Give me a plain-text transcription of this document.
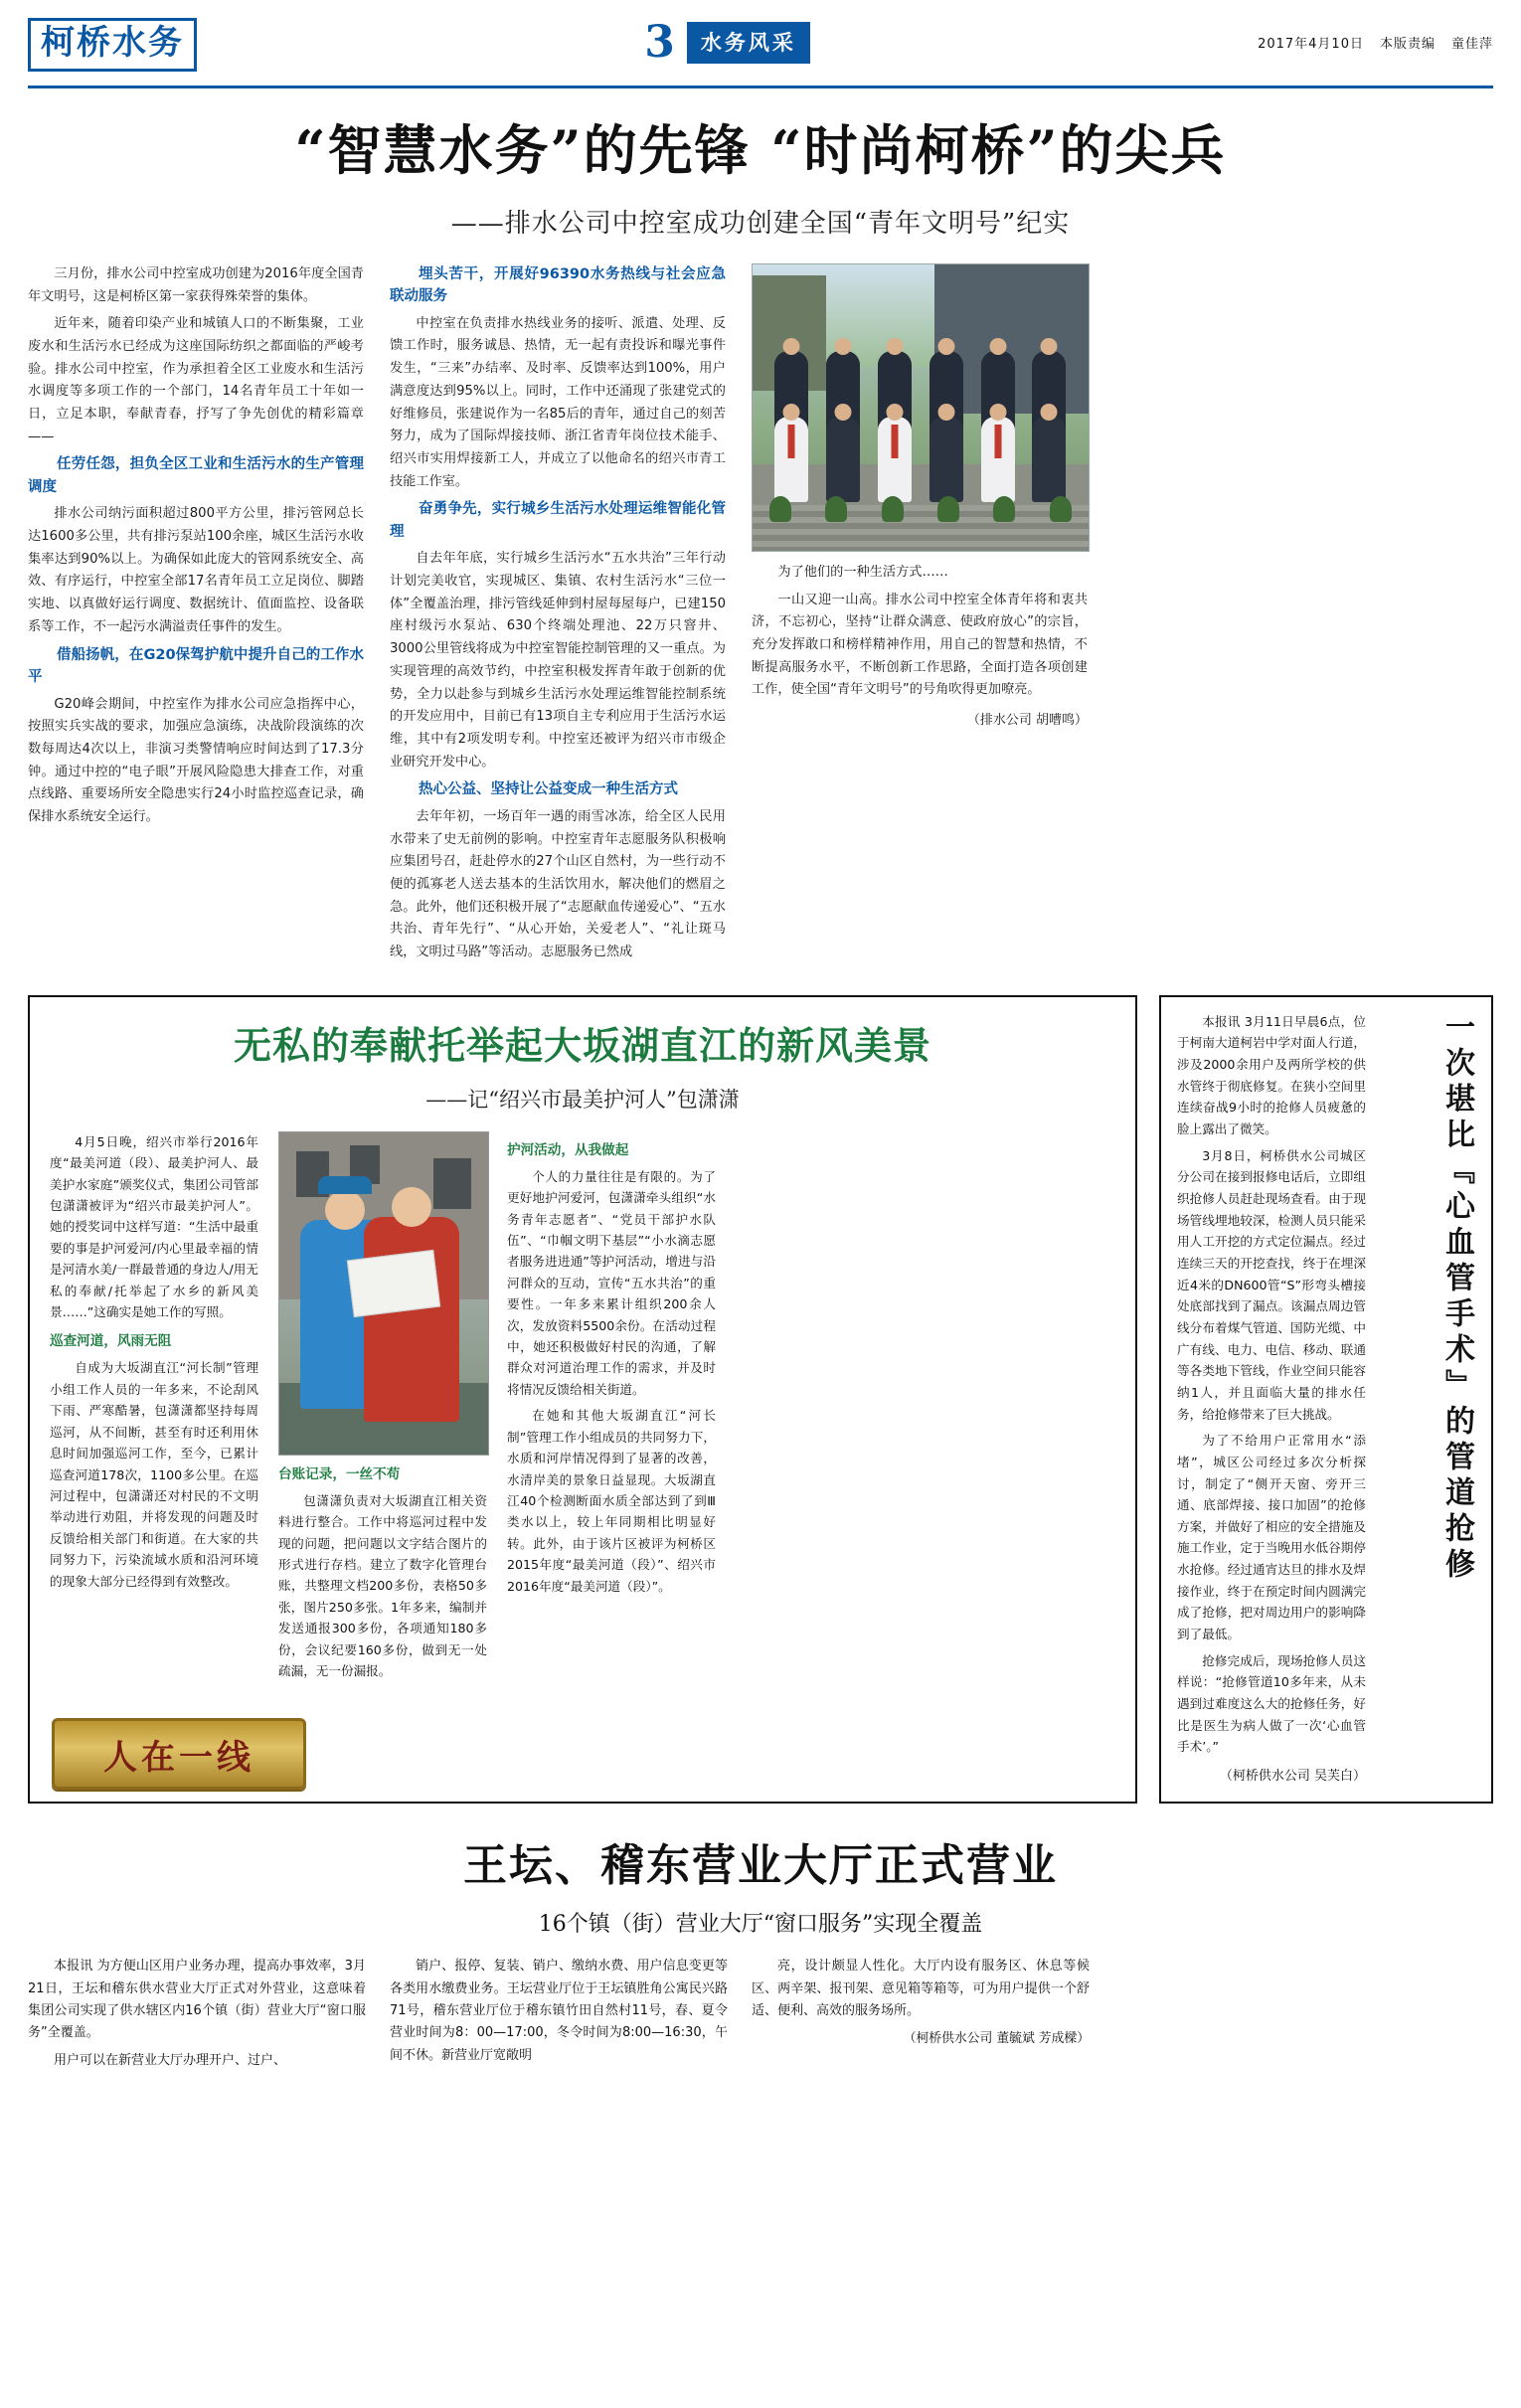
柯桥水务	3	水务风采	2017年4月10日 本版责编 童佳萍
“智慧水务”的先锋 “时尚柯桥”的尖兵
——排水公司中控室成功创建全国“青年文明号”纪实

三月份，排水公司中控室成功创建为2016年度全国青年文明号，这是柯桥区第一家获得殊荣誉的集体。

近年来，随着印染产业和城镇人口的不断集聚，工业废水和生活污水已经成为这座国际纺织之都面临的严峻考验。排水公司中控室，作为承担着全区工业废水和生活污水调度等多项工作的一个部门，14名青年员工十年如一日，立足本职，奉献青春，抒写了争先创优的精彩篇章——

任劳任怨，担负全区工业和生活污水的生产管理调度

排水公司纳污面积超过800平方公里，排污管网总长达1600多公里，共有排污泵站100余座，城区生活污水收集率达到90%以上。为确保如此庞大的管网系统安全、高效、有序运行，中控室全部17名青年员工立足岗位、脚踏实地、以真做好运行调度、数据统计、值面监控、设备联系等工作，不一起污水满溢责任事件的发生。

借船扬帆，在G20保驾护航中提升自己的工作水平

G20峰会期间，中控室作为排水公司应急指挥中心，按照实兵实战的要求，加强应急演练，决战阶段演练的次数每周达4次以上，非演习类警情响应时间达到了17.3分钟。通过中控的“电子眼”开展风险隐患大排查工作，对重点线路、重要场所安全隐患实行24小时监控巡查记录，确保排水系统安全运行。

埋头苦干，开展好96390水务热线与社会应急联动服务

中控室在负责排水热线业务的接听、派遣、处理、反馈工作时，服务诚恳、热情，无一起有责投诉和曝光事件发生，“三来”办结率、及时率、反馈率达到100%，用户满意度达到95%以上。同时，工作中还涌现了张建党式的好维修员，张建说作为一名85后的青年，通过自己的刻苦努力，成为了国际焊接技师、浙江省青年岗位技术能手、绍兴市实用焊接新工人，并成立了以他命名的绍兴市青工技能工作室。

奋勇争先，实行城乡生活污水处理运维智能化管理

自去年年底，实行城乡生活污水“五水共治”三年行动计划完美收官，实现城区、集镇、农村生活污水“三位一体”全覆盖治理，排污管线延伸到村屋每屋每户，已建150座村级污水泵站、630个终端处理池、22万只窨井、3000公里管线将成为中控室智能控制管理的又一重点。为实现管理的高效节约，中控室积极发挥青年敢于创新的优势，全力以赴参与到城乡生活污水处理运维智能控制系统的开发应用中，目前已有13项自主专利应用于生活污水运维，其中有2项发明专利。中控室还被评为绍兴市市级企业研究开发中心。

热心公益、坚持让公益变成一种生活方式

去年年初，一场百年一遇的雨雪冰冻，给全区人民用水带来了史无前例的影响。中控室青年志愿服务队积极响应集团号召，赶赴停水的27个山区自然村，为一些行动不便的孤寡老人送去基本的生活饮用水，解决他们的燃眉之急。此外，他们还积极开展了“志愿献血传递爱心”、“五水共治、青年先行”、“从心开始，关爱老人”、“礼让斑马线，文明过马路”等活动。志愿服务已然成

为了他们的一种生活方式……

一山又迎一山高。排水公司中控室全体青年将和衷共济，不忘初心，坚持“让群众满意、使政府放心”的宗旨，充分发挥敢口和榜样精神作用，用自己的智慧和热情，不断提高服务水平，不断创新工作思路，全面打造各项创建工作，使全国“青年文明号”的号角吹得更加嘹亮。

（排水公司 胡嘈鸣）
无私的奉献托举起大坂湖直江的新风美景
——记“绍兴市最美护河人”包潇潇

4月5日晚，绍兴市举行2016年度“最美河道（段）、最美护河人、最美护水家庭”颁奖仪式，集团公司管部包潇潇被评为“绍兴市最美护河人”。她的授奖词中这样写道：“生活中最重要的事是护河爱河/内心里最幸福的情是河清水美/一群最普通的身边人/用无私的奉献/托举起了水乡的新风美景……”这确实是她工作的写照。

巡查河道，风雨无阻

自成为大坂湖直江“河长制”管理小组工作人员的一年多来，不论刮风下雨、严寒酷暑，包潇潇都坚持每周巡河，从不间断，甚至有时还利用休息时间加强巡河工作，至今，已累计巡查河道178次，1100多公里。在巡河过程中，包潇潇还对村民的不文明举动进行劝阻，并将发现的问题及时反馈给相关部门和街道。在大家的共同努力下，污染流域水质和沿河环境的现象大部分已经得到有效整改。

台账记录，一丝不苟

包潇潇负责对大坂湖直江相关资料进行整合。工作中将巡河过程中发现的问题，把问题以文字结合图片的形式进行存档。建立了数字化管理台账，共整理文档200多份，表格50多张，图片250多张。1年多来，编制并发送通报300多份，各项通知180多份，会议纪要160多份，做到无一处疏漏，无一份漏报。

护河活动，从我做起

个人的力量往往是有限的。为了更好地护河爱河，包潇潇牵头组织“水务青年志愿者”、“党员干部护水队伍”、“巾帼文明下基层”“小水滴志愿者服务进进通”等护河活动，增进与沿河群众的互动，宣传“五水共治”的重要性。一年多来累计组织200余人次，发放资料5500余份。在活动过程中，她还积极做好村民的沟通，了解群众对河道治理工作的需求，并及时将情况反馈给相关街道。

在她和其他大坂湖直江“河长制”管理工作小组成员的共同努力下，水质和河岸情况得到了显著的改善，水清岸美的景象日益显现。大坂湖直江40个检测断面水质全部达到了到Ⅲ类水以上，较上年同期相比明显好转。此外，由于该片区被评为柯桥区2015年度“最美河道（段）”、绍兴市2016年度“最美河道（段）”。

人在一线

本报讯 3月11日早晨6点，位于柯南大道柯岩中学对面人行道，涉及2000余用户及两所学校的供水管终于彻底修复。在狭小空间里连续奋战9小时的抢修人员疲惫的脸上露出了微笑。

3月8日，柯桥供水公司城区分公司在接到报修电话后，立即组织抢修人员赶赴现场查看。由于现场管线埋地较深，检测人员只能采用人工开挖的方式定位漏点。经过连续三天的开挖查找，终于在埋深近4米的DN600管“S”形弯头槽接处底部找到了漏点。该漏点周边管线分布着煤气管道、国防光缆、中广有线、电力、电信、移动、联通等各类地下管线，作业空间只能容纳1人，并且面临大量的排水任务，给抢修带来了巨大挑战。

为了不给用户正常用水“添堵”，城区公司经过多次分析探讨，制定了“侧开天窗、旁开三通、底部焊接、接口加固”的抢修方案，并做好了相应的安全措施及施工作业，定于当晚用水低谷期停水抢修。经过通宵达旦的排水及焊接作业，终于在预定时间内圆满完成了抢修，把对周边用户的影响降到了最低。

抢修完成后，现场抢修人员这样说：“抢修管道10多年来，从未遇到过难度这么大的抢修任务，好比是医生为病人做了一次‘心血管手术’。”

（柯桥供水公司 吴芙白）
一次堪比『心血管手术』的管道抢修
王坛、稽东营业大厅正式营业
16个镇（街）营业大厅“窗口服务”实现全覆盖

本报讯 为方便山区用户业务办理，提高办事效率，3月21日，王坛和稽东供水营业大厅正式对外营业，这意味着集团公司实现了供水辖区内16个镇（街）营业大厅“窗口服务”全覆盖。

用户可以在新营业大厅办理开户、过户、

销户、报停、复装、销户、缴纳水费、用户信息变更等各类用水缴费业务。王坛营业厅位于王坛镇胜角公寓民兴路71号，稽东营业厅位于稽东镇竹田自然村11号，春、夏令营业时间为8：00—17:00，冬令时间为8:00—16:30，午间不休。新营业厅宽敞明

亮，设计颇显人性化。大厅内设有服务区、休息等候区、两辛架、报刊架、意见箱等箱等，可为用户提供一个舒适、便利、高效的服务场所。

（柯桥供水公司 董毓斌 芳成樑）
